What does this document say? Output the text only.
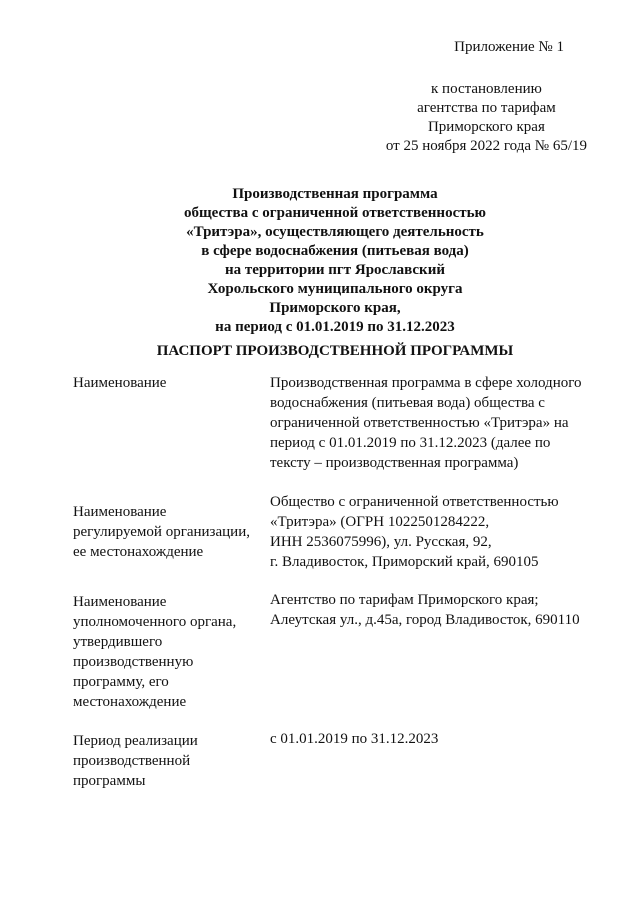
Приложение № 1
к постановлению
агентства по тарифам
Приморского края
от 25 ноября 2022 года № 65/19
Производственная программа
общества с ограниченной ответственностью
«Тритэра», осуществляющего деятельность
в сфере водоснабжения (питьевая вода)
на территории пгт Ярославский
Хорольского муниципального округа
Приморского края,
на период с 01.01.2019 по 31.12.2023
ПАСПОРТ ПРОИЗВОДСТВЕННОЙ ПРОГРАММЫ
Наименование	Производственная программа в сфере холодного
водоснабжения (питьевая вода) общества с
ограниченной ответственностью «Тритэра» на
период с 01.01.2019 по 31.12.2023 (далее по
тексту – производственная программа)
Наименование
регулируемой организации,
ее местонахождение
Общество с ограниченной ответственностью
«Тритэра» (ОГРН 1022501284222,
ИНН 2536075996), ул. Русская, 92,
г. Владивосток, Приморский край, 690105
Наименование
уполномоченного органа,
утвердившего
производственную
программу, его
местонахождение
Агентство по тарифам Приморского края;
Алеутская ул., д.45а, город Владивосток, 690110
Период реализации
производственной
программы
с 01.01.2019 по 31.12.2023
